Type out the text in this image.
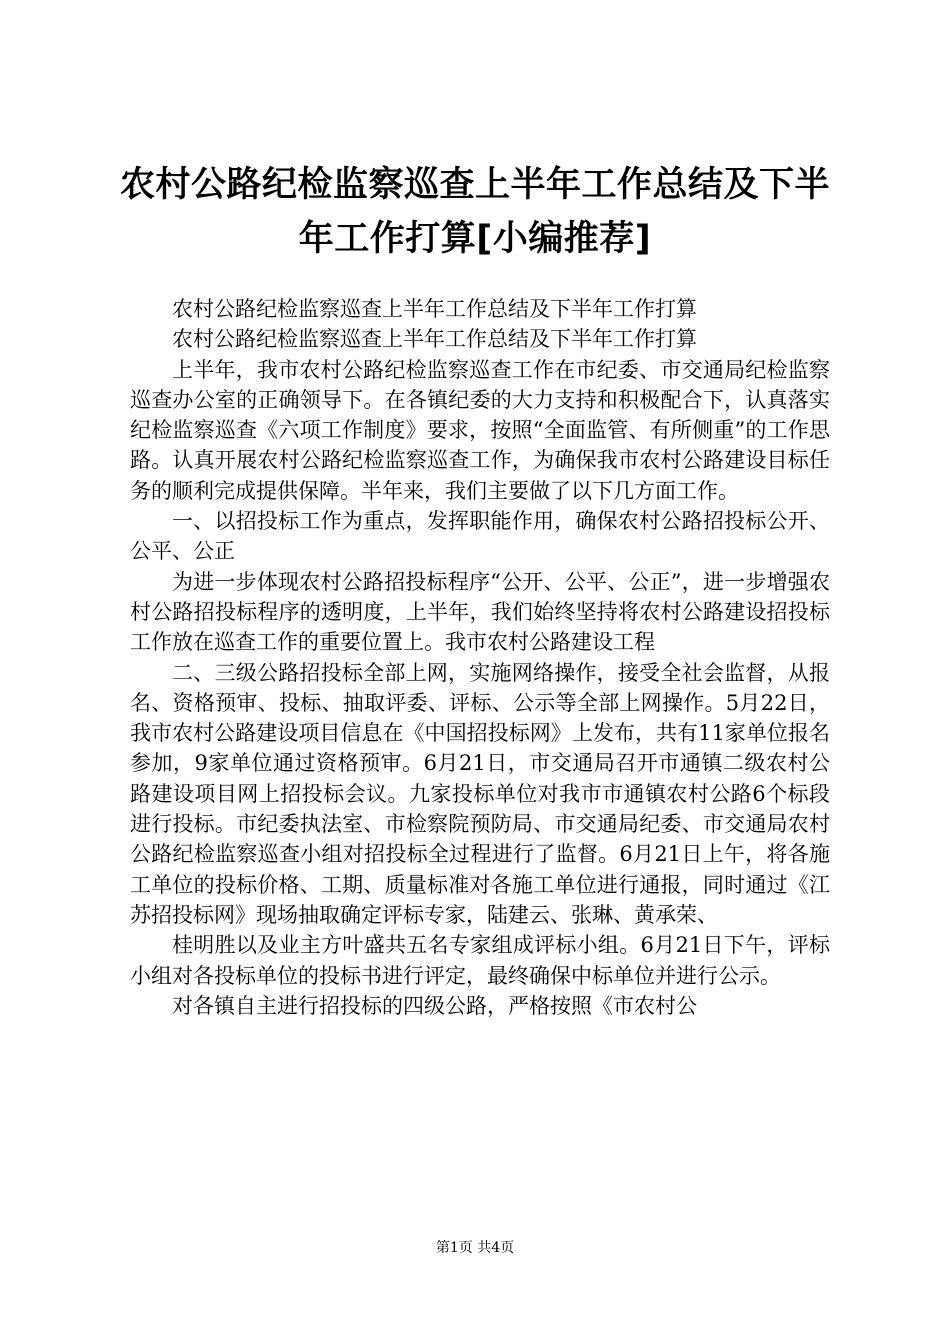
农村公路纪检监察巡查上半年工作总结及下半
年工作打算[小编推荐]

农村公路纪检监察巡查上半年工作总结及下半年工作打算

农村公路纪检监察巡查上半年工作总结及下半年工作打算

上半年，我市农村公路纪检监察巡查工作在市纪委、市交通局纪检监察巡查办公室的正确领导下。在各镇纪委的大力支持和积极配合下，认真落实纪检监察巡查《六项工作制度》要求，按照“全面监管、有所侧重”的工作思路。认真开展农村公路纪检监察巡查工作，为确保我市农村公路建设目标任务的顺利完成提供保障。半年来，我们主要做了以下几方面工作。

一、以招投标工作为重点，发挥职能作用，确保农村公路招投标公开、公平、公正

为进一步体现农村公路招投标程序“公开、公平、公正”，进一步增强农村公路招投标程序的透明度，上半年，我们始终坚持将农村公路建设招投标工作放在巡查工作的重要位置上。我市农村公路建设工程

二、三级公路招投标全部上网，实施网络操作，接受全社会监督，从报名、资格预审、投标、抽取评委、评标、公示等全部上网操作。5月22日，我市农村公路建设项目信息在《中国招投标网》上发布，共有11家单位报名参加，9家单位通过资格预审。6月21日，市交通局召开市通镇二级农村公路建设项目网上招投标会议。九家投标单位对我市市通镇农村公路6个标段进行投标。市纪委执法室、市检察院预防局、市交通局纪委、市交通局农村公路纪检监察巡查小组对招投标全过程进行了监督。6月21日上午，将各施工单位的投标价格、工期、质量标准对各施工单位进行通报，同时通过《江苏招投标网》现场抽取确定评标专家，陆建云、张琳、黄承荣、

桂明胜以及业主方叶盛共五名专家组成评标小组。6月21日下午，评标小组对各投标单位的投标书进行评定，最终确保中标单位并进行公示。

对各镇自主进行招投标的四级公路，严格按照《市农村公

第1页 共4页
